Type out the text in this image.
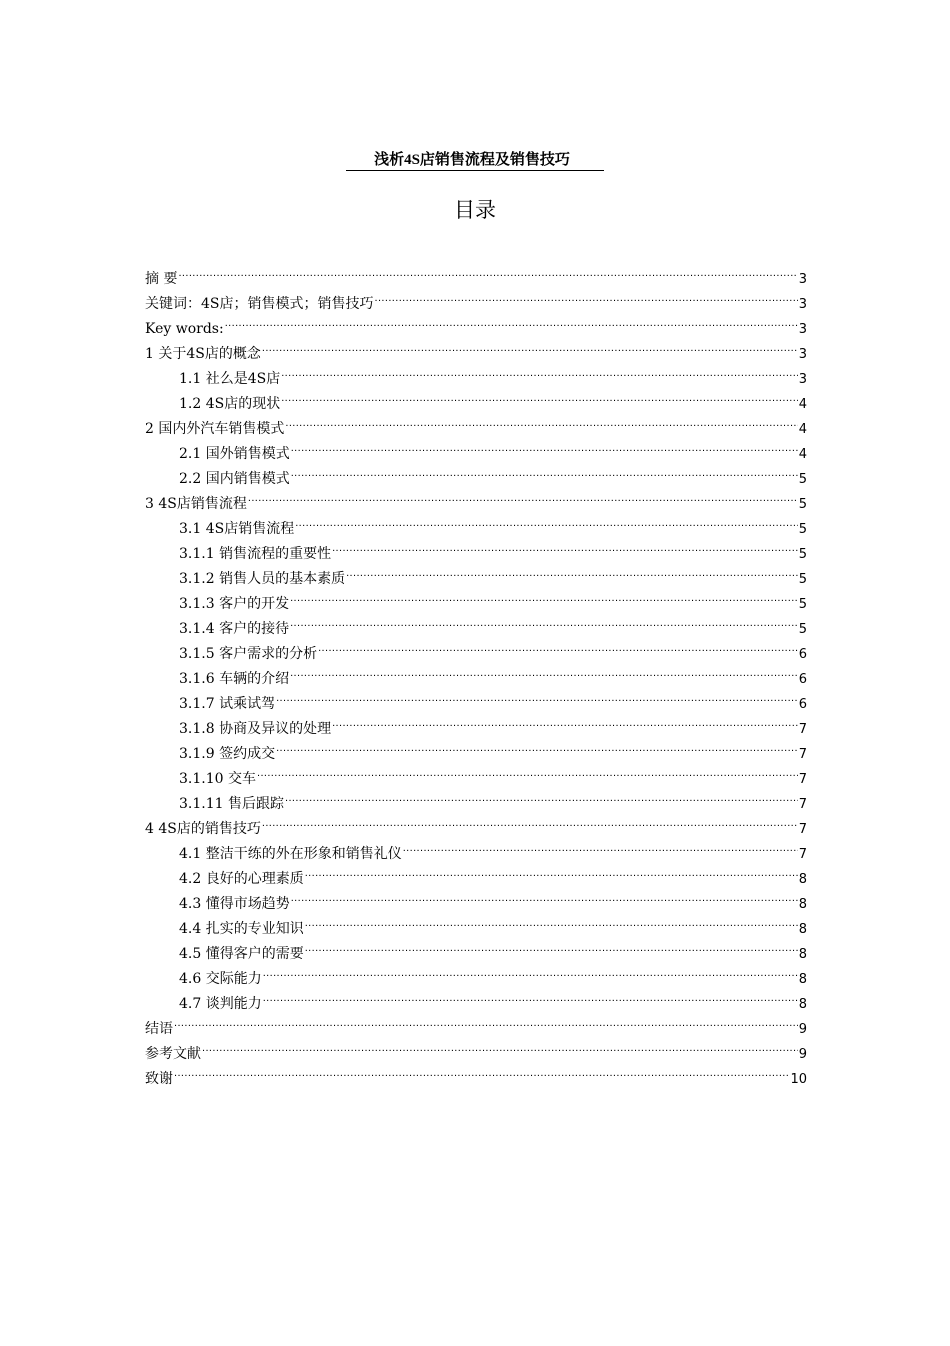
浅析4S店销售流程及销售技巧
目录
摘 要 .....	3
关键词：4S店；销售模式；销售技巧 .....	3
Key words: .....	3
1 关于4S店的概念 .....	3
1.1 社么是4S店 .....	3
1.2 4S店的现状 .....	4
2 国内外汽车销售模式 .....	4
2.1 国外销售模式 .....	4
2.2 国内销售模式 .....	5
3 4S店销售流程 .....	5
3.1 4S店销售流程 .....	5
3.1.1 销售流程的重要性 .....	5
3.1.2 销售人员的基本素质 .....	5
3.1.3 客户的开发 .....	5
3.1.4 客户的接待 .....	5
3.1.5 客户需求的分析 .....	6
3.1.6 车辆的介绍 .....	6
3.1.7 试乘试驾 .....	6
3.1.8 协商及异议的处理 .....	7
3.1.9 签约成交 .....	7
3.1.10 交车 .....	7
3.1.11 售后跟踪 .....	7
4 4S店的销售技巧 .....	7
4.1 整洁干练的外在形象和销售礼仪 .....	7
4.2 良好的心理素质 .....	8
4.3 懂得市场趋势 .....	8
4.4 扎实的专业知识 .....	8
4.5 懂得客户的需要 .....	8
4.6 交际能力 .....	8
4.7 谈判能力 .....	8
结语 .....	9
参考文献 .....	9
致谢 .....	10
